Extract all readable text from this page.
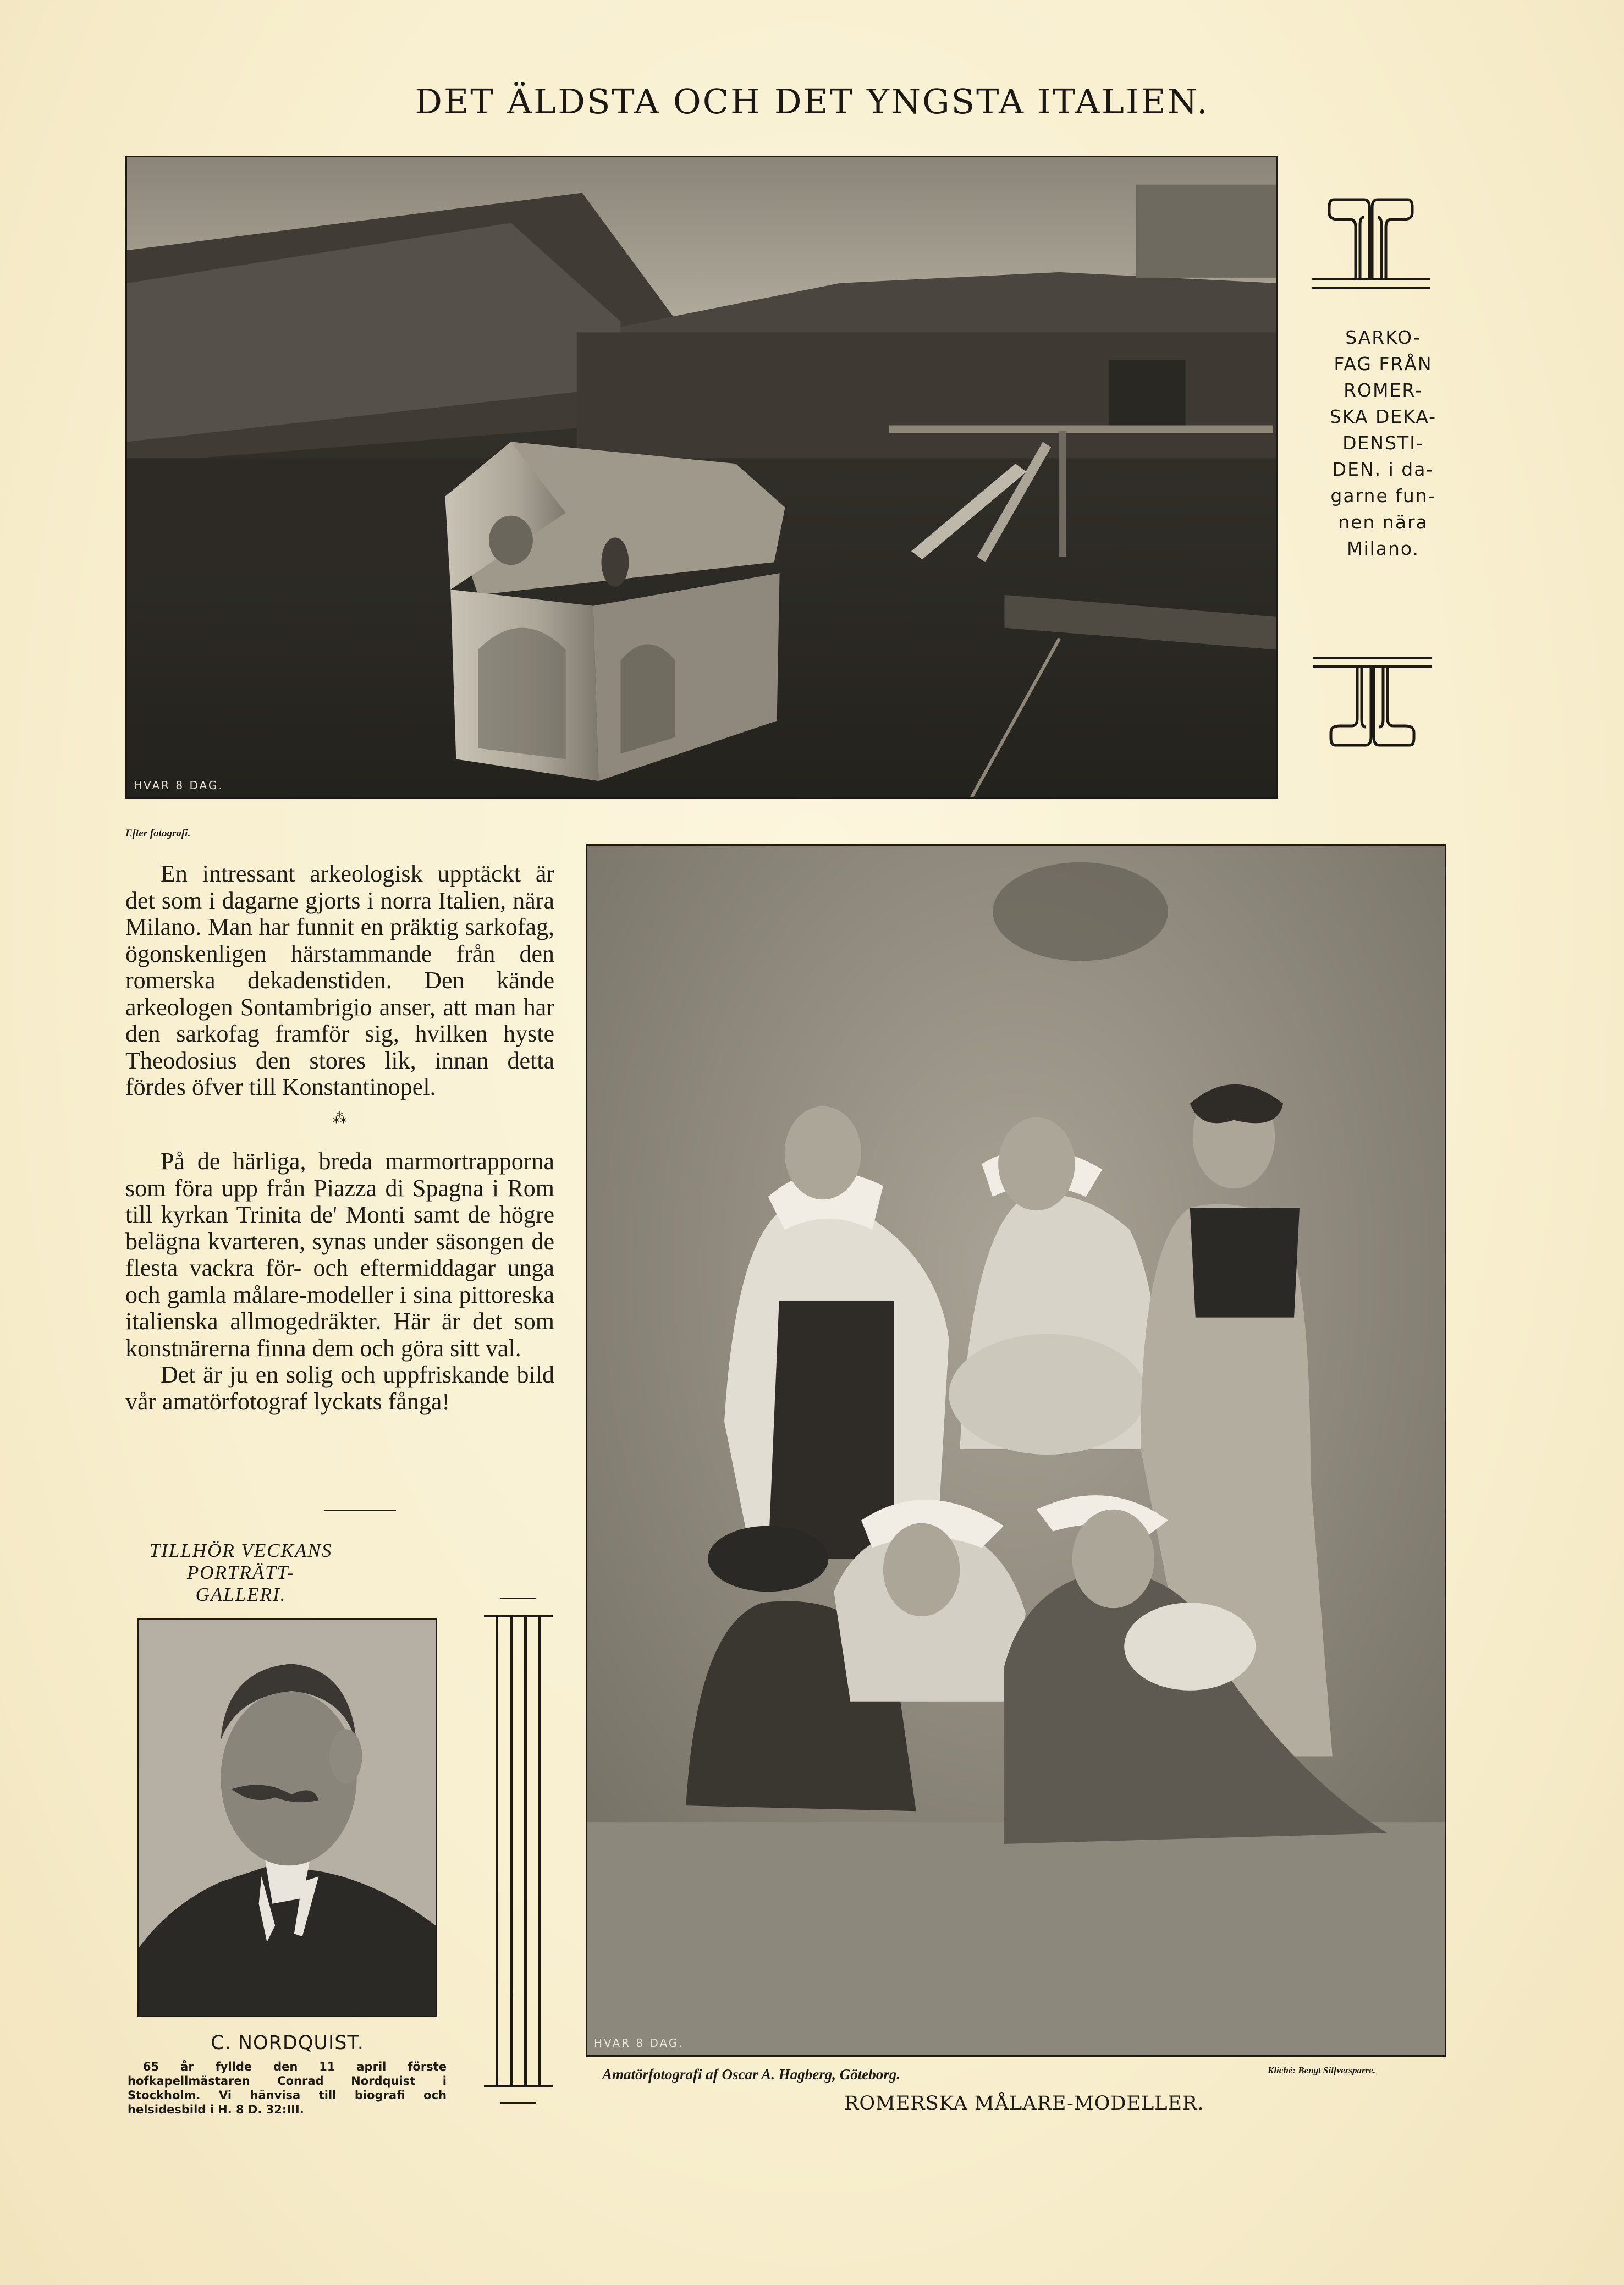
DET ÄLDSTA OCH DET YNGSTA ITALIEN.
HVAR 8 DAG.
Efter fotografi.
SARKO-
FAG FRÅN
ROMER-
SKA DEKA-
DENSTI-
DEN. i da-
garne fun-
nen nära
Milano.

En intressant arkeologisk upptäckt är det som i dagarne gjorts i norra Italien, nära Milano. Man har funnit en präktig sarkofag, ögonskenligen härstammande från den romerska dekadenstiden. Den kände arkeologen Sontambrigio anser, att man har den sarkofag framför sig, hvilken hyste Theodosius den stores lik, innan detta fördes öfver till Konstantinopel.

⁂

På de härliga, breda marmortrapporna som föra upp från Piazza di Spagna i Rom till kyrkan Trinita de' Monti samt de högre belägna kvarteren, synas under säsongen de flesta vackra för- och eftermiddagar unga och gamla målare-modeller i sina pittoreska italienska allmogedräkter. Här är det som konstnärerna finna dem och göra sitt val.

Det är ju en solig och uppfriskande bild vår amatörfotograf lyckats fånga!

TILLHÖR VECKANS PORTRÄTT-
GALLERI.
C. NORDQUIST.
65 år fyllde den 11 april förste hofkapellmästaren Conrad Nordquist i Stockholm. Vi hänvisa till biografi och helsidesbild i H. 8 D. 32:III.
HVAR 8 DAG.
Amatörfotografi af Oscar A. Hagberg, Göteborg.	Kliché: Bengt Silfversparre.
ROMERSKA MÅLARE-MODELLER.
